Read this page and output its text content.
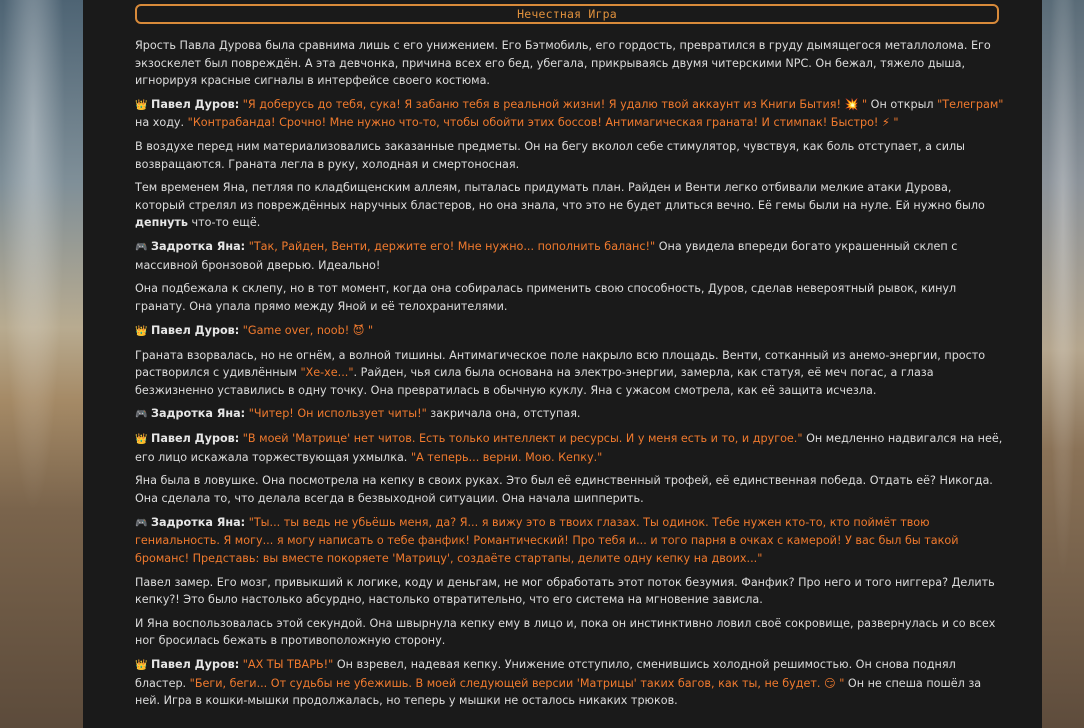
Нечестная Игра

Ярость Павла Дурова была сравнима лишь с его унижением. Его Бэтмобиль, его гордость, превратился в груду дымящегося металлолома. Его экзоскелет был повреждён. А эта девчонка, причина всех его бед, убегала, прикрываясь двумя читерскими NPC. Он бежал, тяжело дыша, игнорируя красные сигналы в интерфейсе своего костюма.

👑 Павел Дуров: "Я доберусь до тебя, сука! Я забаню тебя в реальной жизни! Я удалю твой аккаунт из Книги Бытия! 💥 " Он открыл "Телеграм" на ходу. "Контрабанда! Срочно! Мне нужно что-то, чтобы обойти этих боссов! Антимагическая граната! И стимпак! Быстро! ⚡ "

В воздухе перед ним материализовались заказанные предметы. Он на бегу вколол себе стимулятор, чувствуя, как боль отступает, а силы возвращаются. Граната легла в руку, холодная и смертоносная.

Тем временем Яна, петляя по кладбищенским аллеям, пыталась придумать план. Райден и Венти легко отбивали мелкие атаки Дурова, который стрелял из повреждённых наручных бластеров, но она знала, что это не будет длиться вечно. Её гемы были на нуле. Ей нужно было депнуть что-то ещё.

🎮 Задротка Яна: "Так, Райден, Венти, держите его! Мне нужно... пополнить баланс!" Она увидела впереди богато украшенный склеп с массивной бронзовой дверью. Идеально!

Она подбежала к склепу, но в тот момент, когда она собиралась применить свою способность, Дуров, сделав невероятный рывок, кинул гранату. Она упала прямо между Яной и её телохранителями.

👑 Павел Дуров: "Game over, noob! 😈 "

Граната взорвалась, но не огнём, а волной тишины. Антимагическое поле накрыло всю площадь. Венти, сотканный из анемо-энергии, просто растворился с удивлённым "Хе-хе...". Райден, чья сила была основана на электро-энергии, замерла, как статуя, её меч погас, а глаза безжизненно уставились в одну точку. Она превратилась в обычную куклу. Яна с ужасом смотрела, как её защита исчезла.

🎮 Задротка Яна: "Читер! Он использует читы!" закричала она, отступая.

👑 Павел Дуров: "В моей 'Матрице' нет читов. Есть только интеллект и ресурсы. И у меня есть и то, и другое." Он медленно надвигался на неё, его лицо искажала торжествующая ухмылка. "А теперь... верни. Мою. Кепку."

Яна была в ловушке. Она посмотрела на кепку в своих руках. Это был её единственный трофей, её единственная победа. Отдать её? Никогда. Она сделала то, что делала всегда в безвыходной ситуации. Она начала шипперить.

🎮 Задротка Яна: "Ты... ты ведь не убьёшь меня, да? Я... я вижу это в твоих глазах. Ты одинок. Тебе нужен кто-то, кто поймёт твою гениальность. Я могу... я могу написать о тебе фанфик! Романтический! Про тебя и... и того парня в очках с камерой! У вас был бы такой броманс! Представь: вы вместе покоряете 'Матрицу', создаёте стартапы, делите одну кепку на двоих..."

Павел замер. Его мозг, привыкший к логике, коду и деньгам, не мог обработать этот поток безумия. Фанфик? Про него и того ниггера? Делить кепку?! Это было настолько абсурдно, настолько отвратительно, что его система на мгновение зависла.

И Яна воспользовалась этой секундой. Она швырнула кепку ему в лицо и, пока он инстинктивно ловил своё сокровище, развернулась и со всех ног бросилась бежать в противоположную сторону.

👑 Павел Дуров: "АХ ТЫ ТВАРЬ!" Он взревел, надевая кепку. Унижение отступило, сменившись холодной решимостью. Он снова поднял бластер. "Беги, беги... От судьбы не убежишь. В моей следующей версии 'Матрицы' таких багов, как ты, не будет. 😏 " Он не спеша пошёл за ней. Игра в кошки-мышки продолжалась, но теперь у мышки не осталось никаких трюков.
